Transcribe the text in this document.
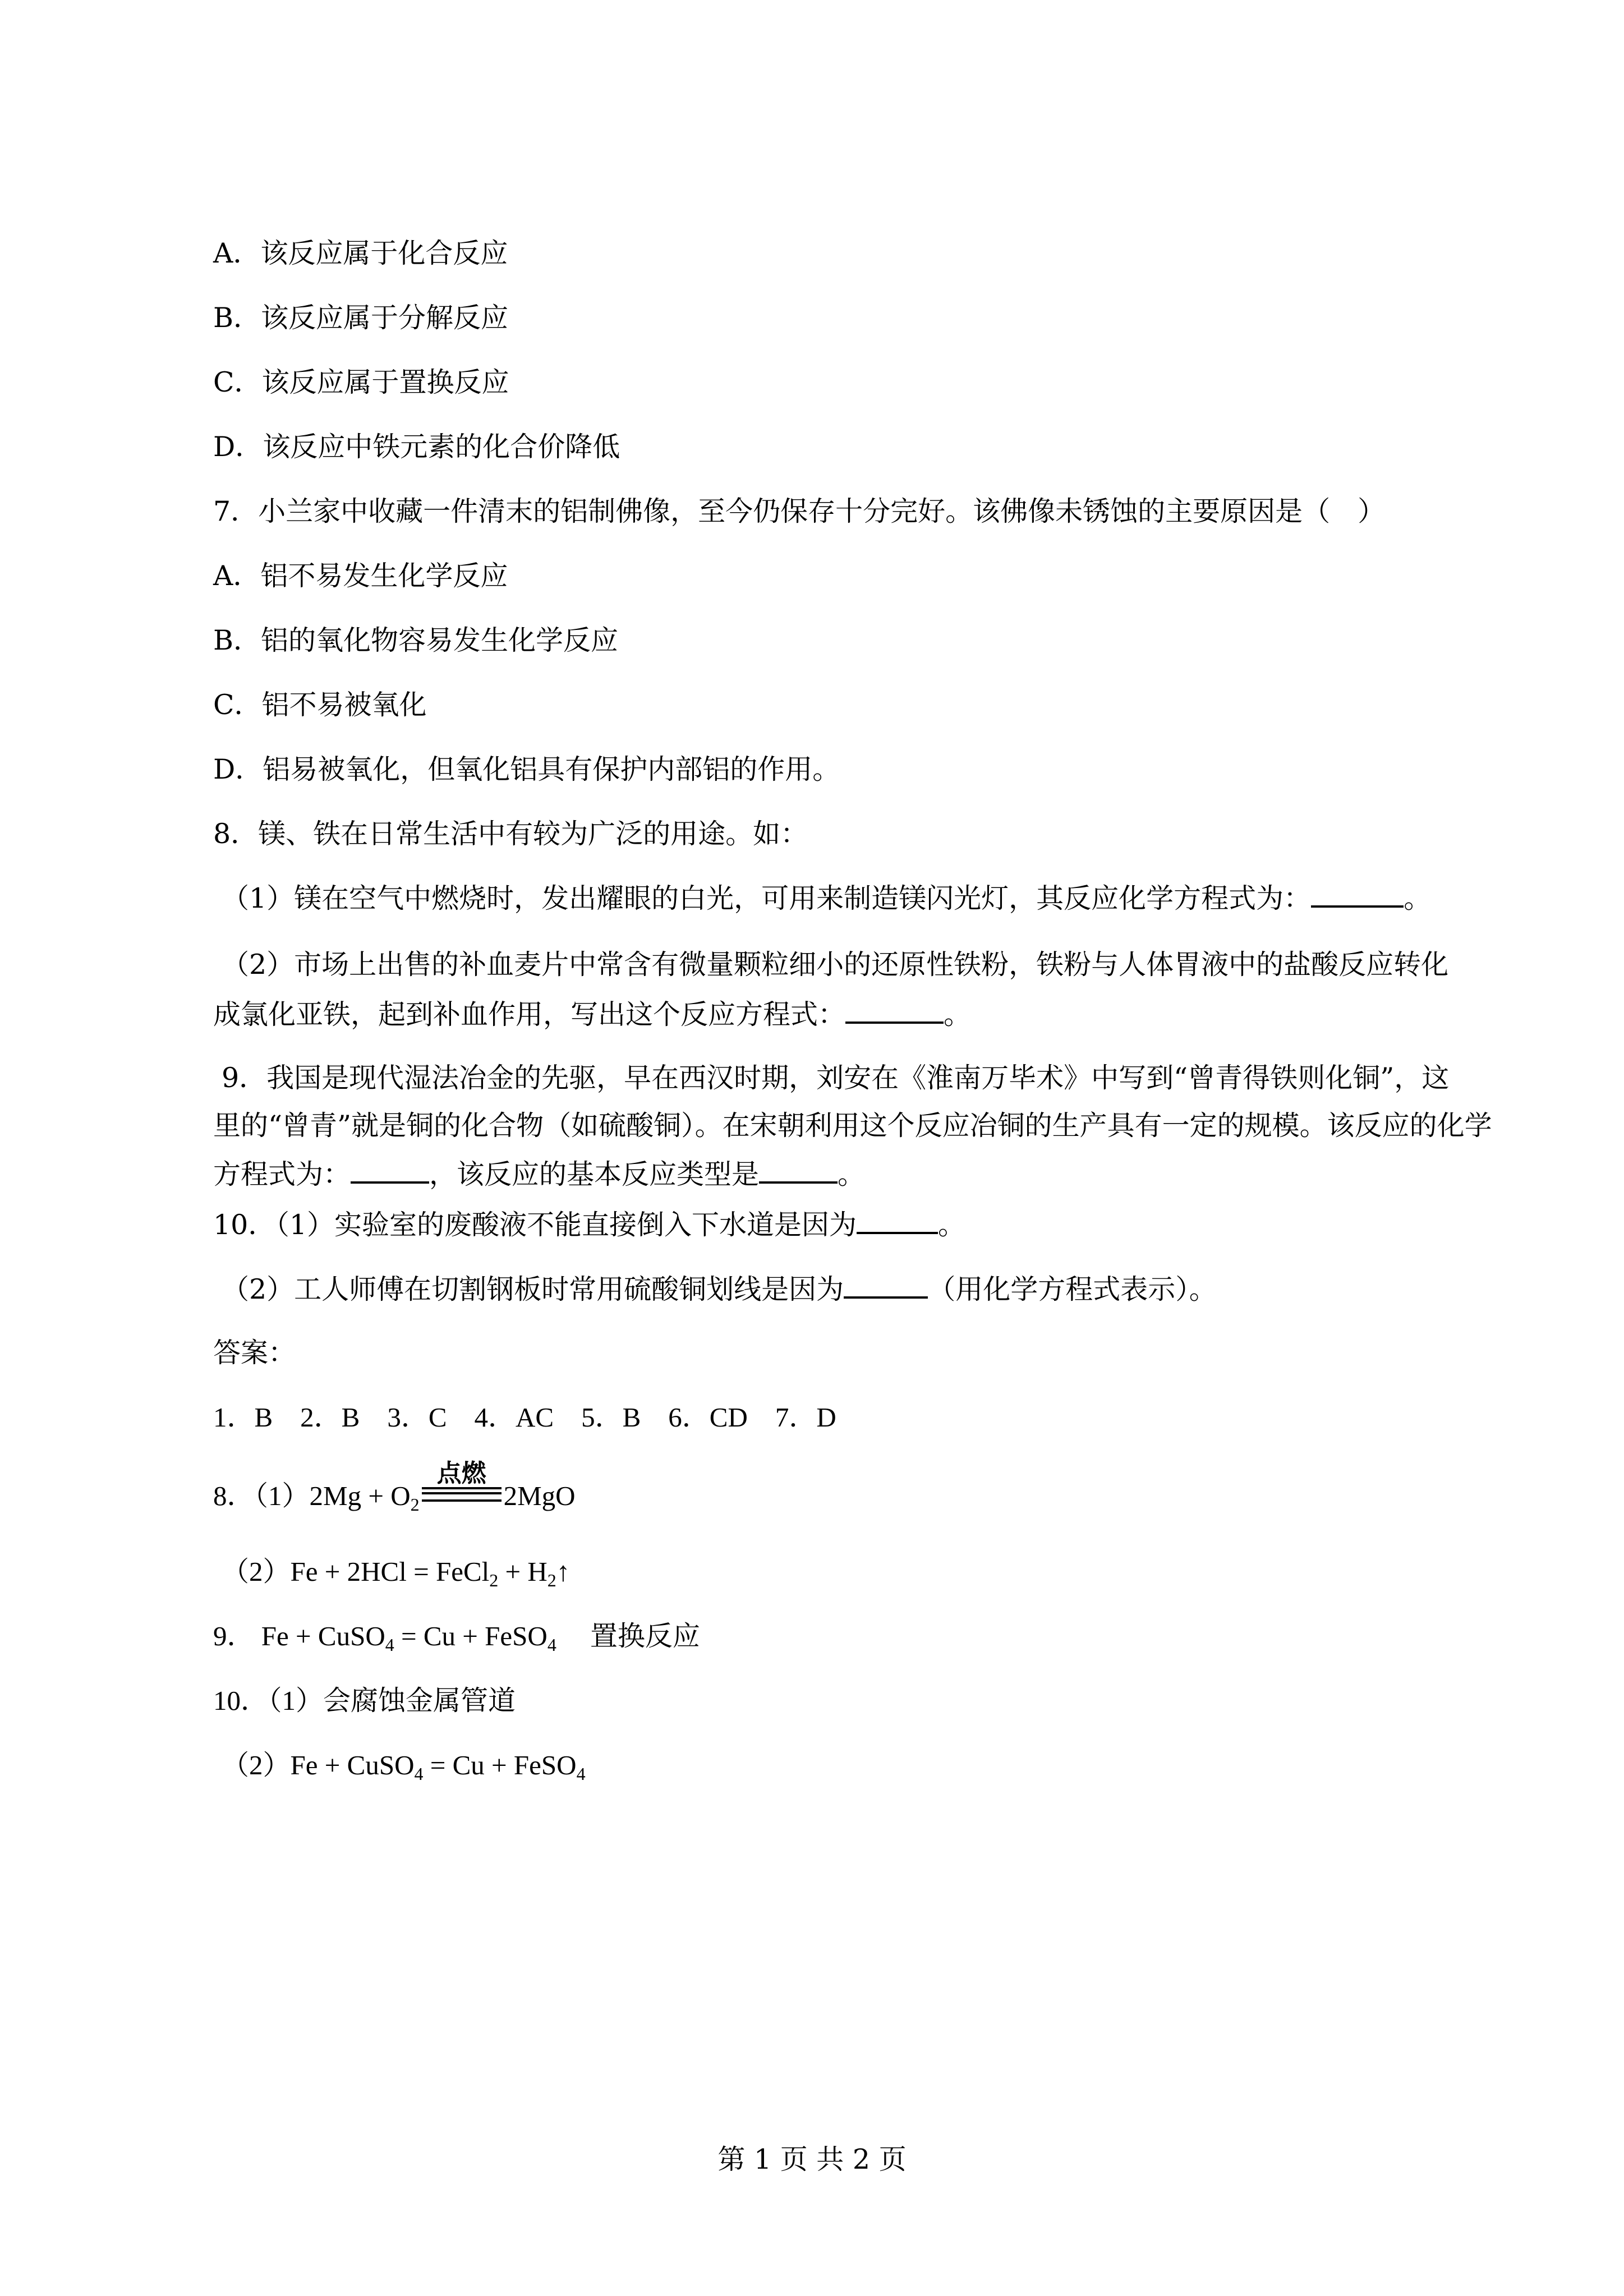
A．该反应属于化合反应
B．该反应属于分解反应
C．该反应属于置换反应
D．该反应中铁元素的化合价降低
7．小兰家中收藏一件清末的铝制佛像，至今仍保存十分完好。该佛像未锈蚀的主要原因是（　）
A．铝不易发生化学反应
B．铝的氧化物容易发生化学反应
C．铝不易被氧化
D．铝易被氧化，但氧化铝具有保护内部铝的作用。
8．镁、铁在日常生活中有较为广泛的用途。如：
（1）镁在空气中燃烧时，发出耀眼的白光，可用来制造镁闪光灯，其反应化学方程式为：	。
（2）市场上出售的补血麦片中常含有微量颗粒细小的还原性铁粉，铁粉与人体胃液中的盐酸反应转化
成氯化亚铁，起到补血作用，写出这个反应方程式：	。
9．我国是现代湿法冶金的先驱，早在西汉时期，刘安在《淮南万毕术》中写到“曾青得铁则化铜”，这
里的“曾青”就是铜的化合物（如硫酸铜）。在宋朝利用这个反应冶铜的生产具有一定的规模。该反应的化学
方程式为：	，该反应的基本反应类型是	。
10．（1）实验室的废酸液不能直接倒入下水道是因为	。
（2）工人师傅在切割钢板时常用硫酸铜划线是因为	（用化学方程式表示）。
答案：
1．B　2．B　3．C　4．AC　5．B　6．CD　7．D
8．$(1)2Mg + O_2$
点燃
2MgO
（2）Fe + 2HCl = FeCl$_2$ + $H_2↑$
9． Fe + CuSO$_4$ = Cu + FeSO$_4$ 置换反应
10．（1）会腐蚀金属管道
（2）Fe + CuSO$_4$ = Cu + FeSO$_4$
第 1 页 共 2 页
